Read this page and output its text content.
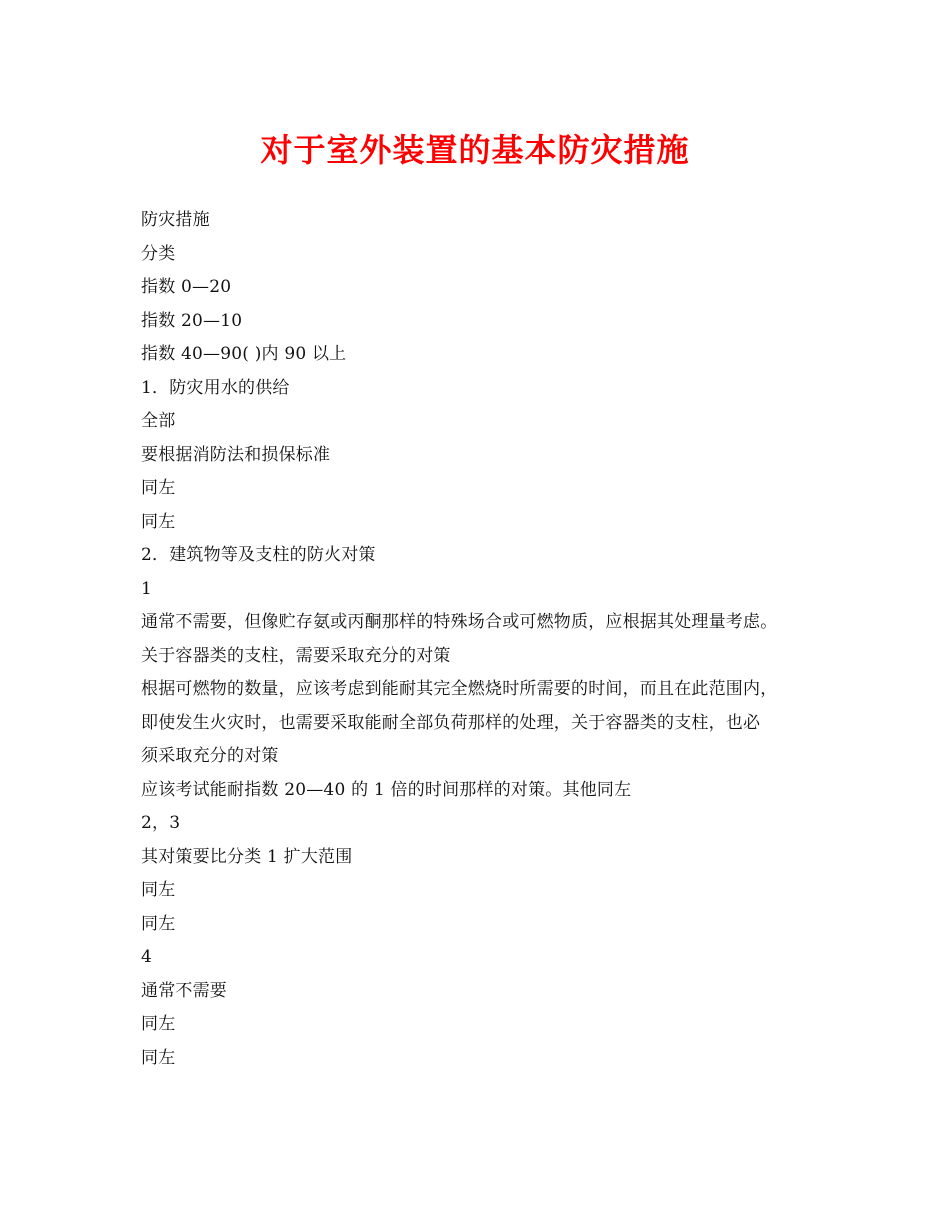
对于室外装置的基本防灾措施
防灾措施
分类
指数 0—20
指数 20—10
指数 40—90( )内 90 以上
1．防灾用水的供给
全部
要根据消防法和损保标准
同左
同左
2．建筑物等及支柱的防火对策
1
通常不需要，但像贮存氨或丙酮那样的特殊场合或可燃物质，应根据其处理量考虑。
关于容器类的支柱，需要采取充分的对策
根据可燃物的数量，应该考虑到能耐其完全燃烧时所需要的时间，而且在此范围内，
即使发生火灾时，也需要采取能耐全部负荷那样的处理，关于容器类的支柱，也必
须采取充分的对策
应该考试能耐指数 20—40 的 1 倍的时间那样的对策。其他同左
2，3
其对策要比分类 1 扩大范围
同左
同左
4
通常不需要
同左
同左
